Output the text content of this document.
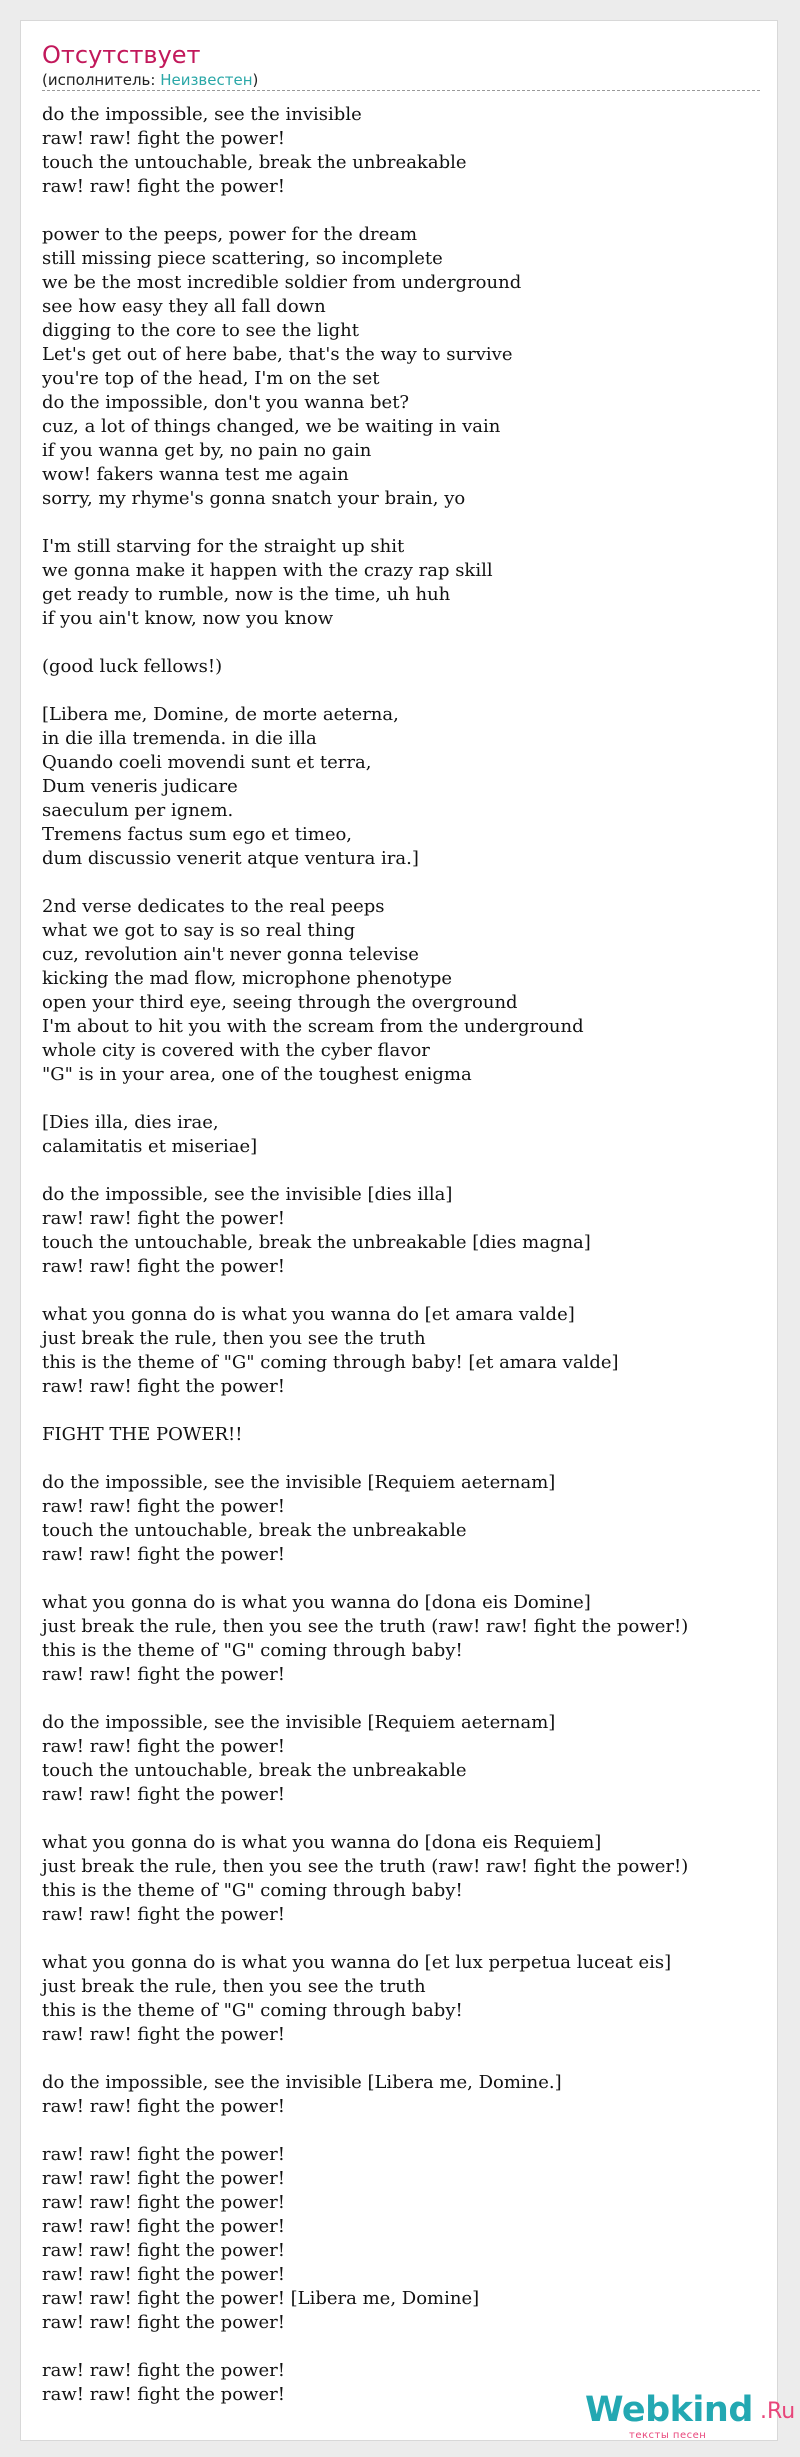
Отсутствует
(исполнитель: Неизвестен)
do the impossible, see the invisible
raw! raw! fight the power!
touch the untouchable, break the unbreakable
raw! raw! fight the power!

power to the peeps, power for the dream
still missing piece scattering, so incomplete
we be the most incredible soldier from underground
see how easy they all fall down
digging to the core to see the light
Let's get out of here babe, that's the way to survive
you're top of the head, I'm on the set
do the impossible, don't you wanna bet?
cuz, a lot of things changed, we be waiting in vain
if you wanna get by, no pain no gain
wow! fakers wanna test me again
sorry, my rhyme's gonna snatch your brain, yo

I'm still starving for the straight up shit
we gonna make it happen with the crazy rap skill
get ready to rumble, now is the time, uh huh
if you ain't know, now you know

(good luck fellows!)

[Libera me, Domine, de morte aeterna,
in die illa tremenda. in die illa
Quando coeli movendi sunt et terra,
Dum veneris judicare
saeculum per ignem.
Tremens factus sum ego et timeo,
dum discussio venerit atque ventura ira.]

2nd verse dedicates to the real peeps
what we got to say is so real thing
cuz, revolution ain't never gonna televise
kicking the mad flow, microphone phenotype
open your third eye, seeing through the overground
I'm about to hit you with the scream from the underground
whole city is covered with the cyber flavor
"G" is in your area, one of the toughest enigma

[Dies illa, dies irae,
calamitatis et miseriae]

do the impossible, see the invisible [dies illa]
raw! raw! fight the power!
touch the untouchable, break the unbreakable [dies magna]
raw! raw! fight the power!

what you gonna do is what you wanna do [et amara valde]
just break the rule, then you see the truth
this is the theme of "G" coming through baby! [et amara valde]
raw! raw! fight the power!

FIGHT THE POWER!!

do the impossible, see the invisible [Requiem aeternam]
raw! raw! fight the power!
touch the untouchable, break the unbreakable
raw! raw! fight the power!

what you gonna do is what you wanna do [dona eis Domine]
just break the rule, then you see the truth (raw! raw! fight the power!)
this is the theme of "G" coming through baby!
raw! raw! fight the power!

do the impossible, see the invisible [Requiem aeternam]
raw! raw! fight the power!
touch the untouchable, break the unbreakable
raw! raw! fight the power!

what you gonna do is what you wanna do [dona eis Requiem]
just break the rule, then you see the truth (raw! raw! fight the power!)
this is the theme of "G" coming through baby!
raw! raw! fight the power!

what you gonna do is what you wanna do [et lux perpetua luceat eis]
just break the rule, then you see the truth
this is the theme of "G" coming through baby!
raw! raw! fight the power!

do the impossible, see the invisible [Libera me, Domine.]
raw! raw! fight the power!

raw! raw! fight the power!
raw! raw! fight the power!
raw! raw! fight the power!
raw! raw! fight the power!
raw! raw! fight the power!
raw! raw! fight the power!
raw! raw! fight the power! [Libera me, Domine]
raw! raw! fight the power!

raw! raw! fight the power!
raw! raw! fight the power!	Webkind .Ru
тексты песен
